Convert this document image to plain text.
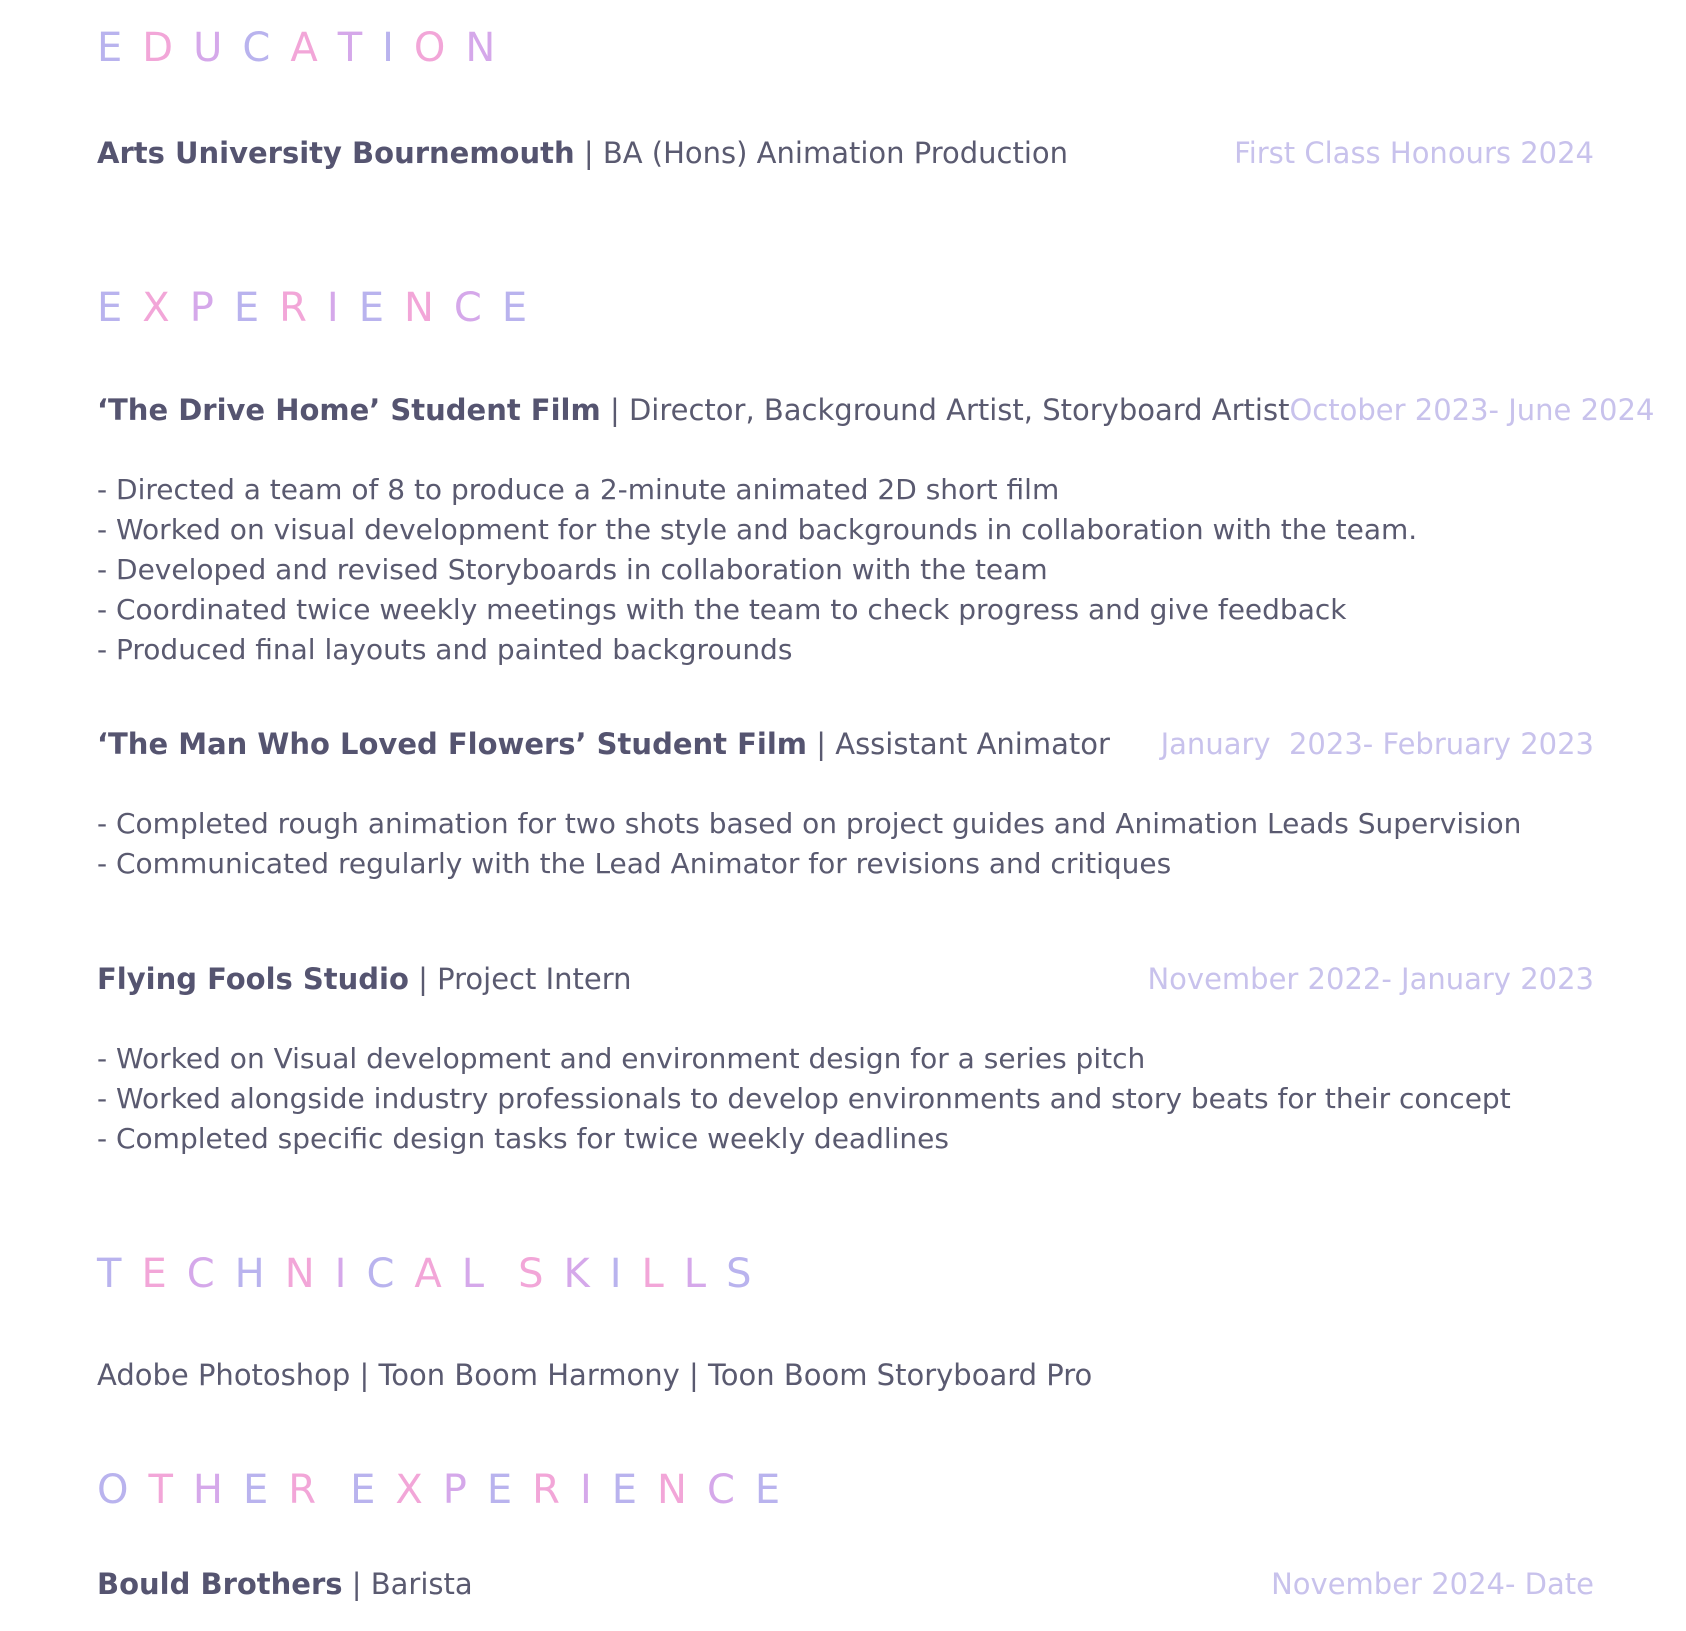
EDUCATION
Arts University Bournemouth | BA (Hons) Animation Production	First Class Honours 2024
EXPERIENCE
‘The Drive Home’ Student Film | Director, Background Artist, Storyboard Artist October 2023- June 2024
- Directed a team of 8 to produce a 2-minute animated 2D short film
- Worked on visual development for the style and backgrounds in collaboration with the team.
- Developed and revised Storyboards in collaboration with the team
- Coordinated twice weekly meetings with the team to check progress and give feedback
- Produced final layouts and painted backgrounds
‘The Man Who Loved Flowers’ Student Film | Assistant Animator January  2023- February 2023
- Completed rough animation for two shots based on project guides and Animation Leads Supervision
- Communicated regularly with the Lead Animator for revisions and critiques
Flying Fools Studio | Project Intern	November 2022- January 2023
- Worked on Visual development and environment design for a series pitch
- Worked alongside industry professionals to develop environments and story beats for their concept
- Completed specific design tasks for twice weekly deadlines
TECHNICAL SKILLS

Adobe Photoshop | Toon Boom Harmony | Toon Boom Storyboard Pro

OTHER EXPERIENCE
Bould Brothers | Barista	November 2024- Date
